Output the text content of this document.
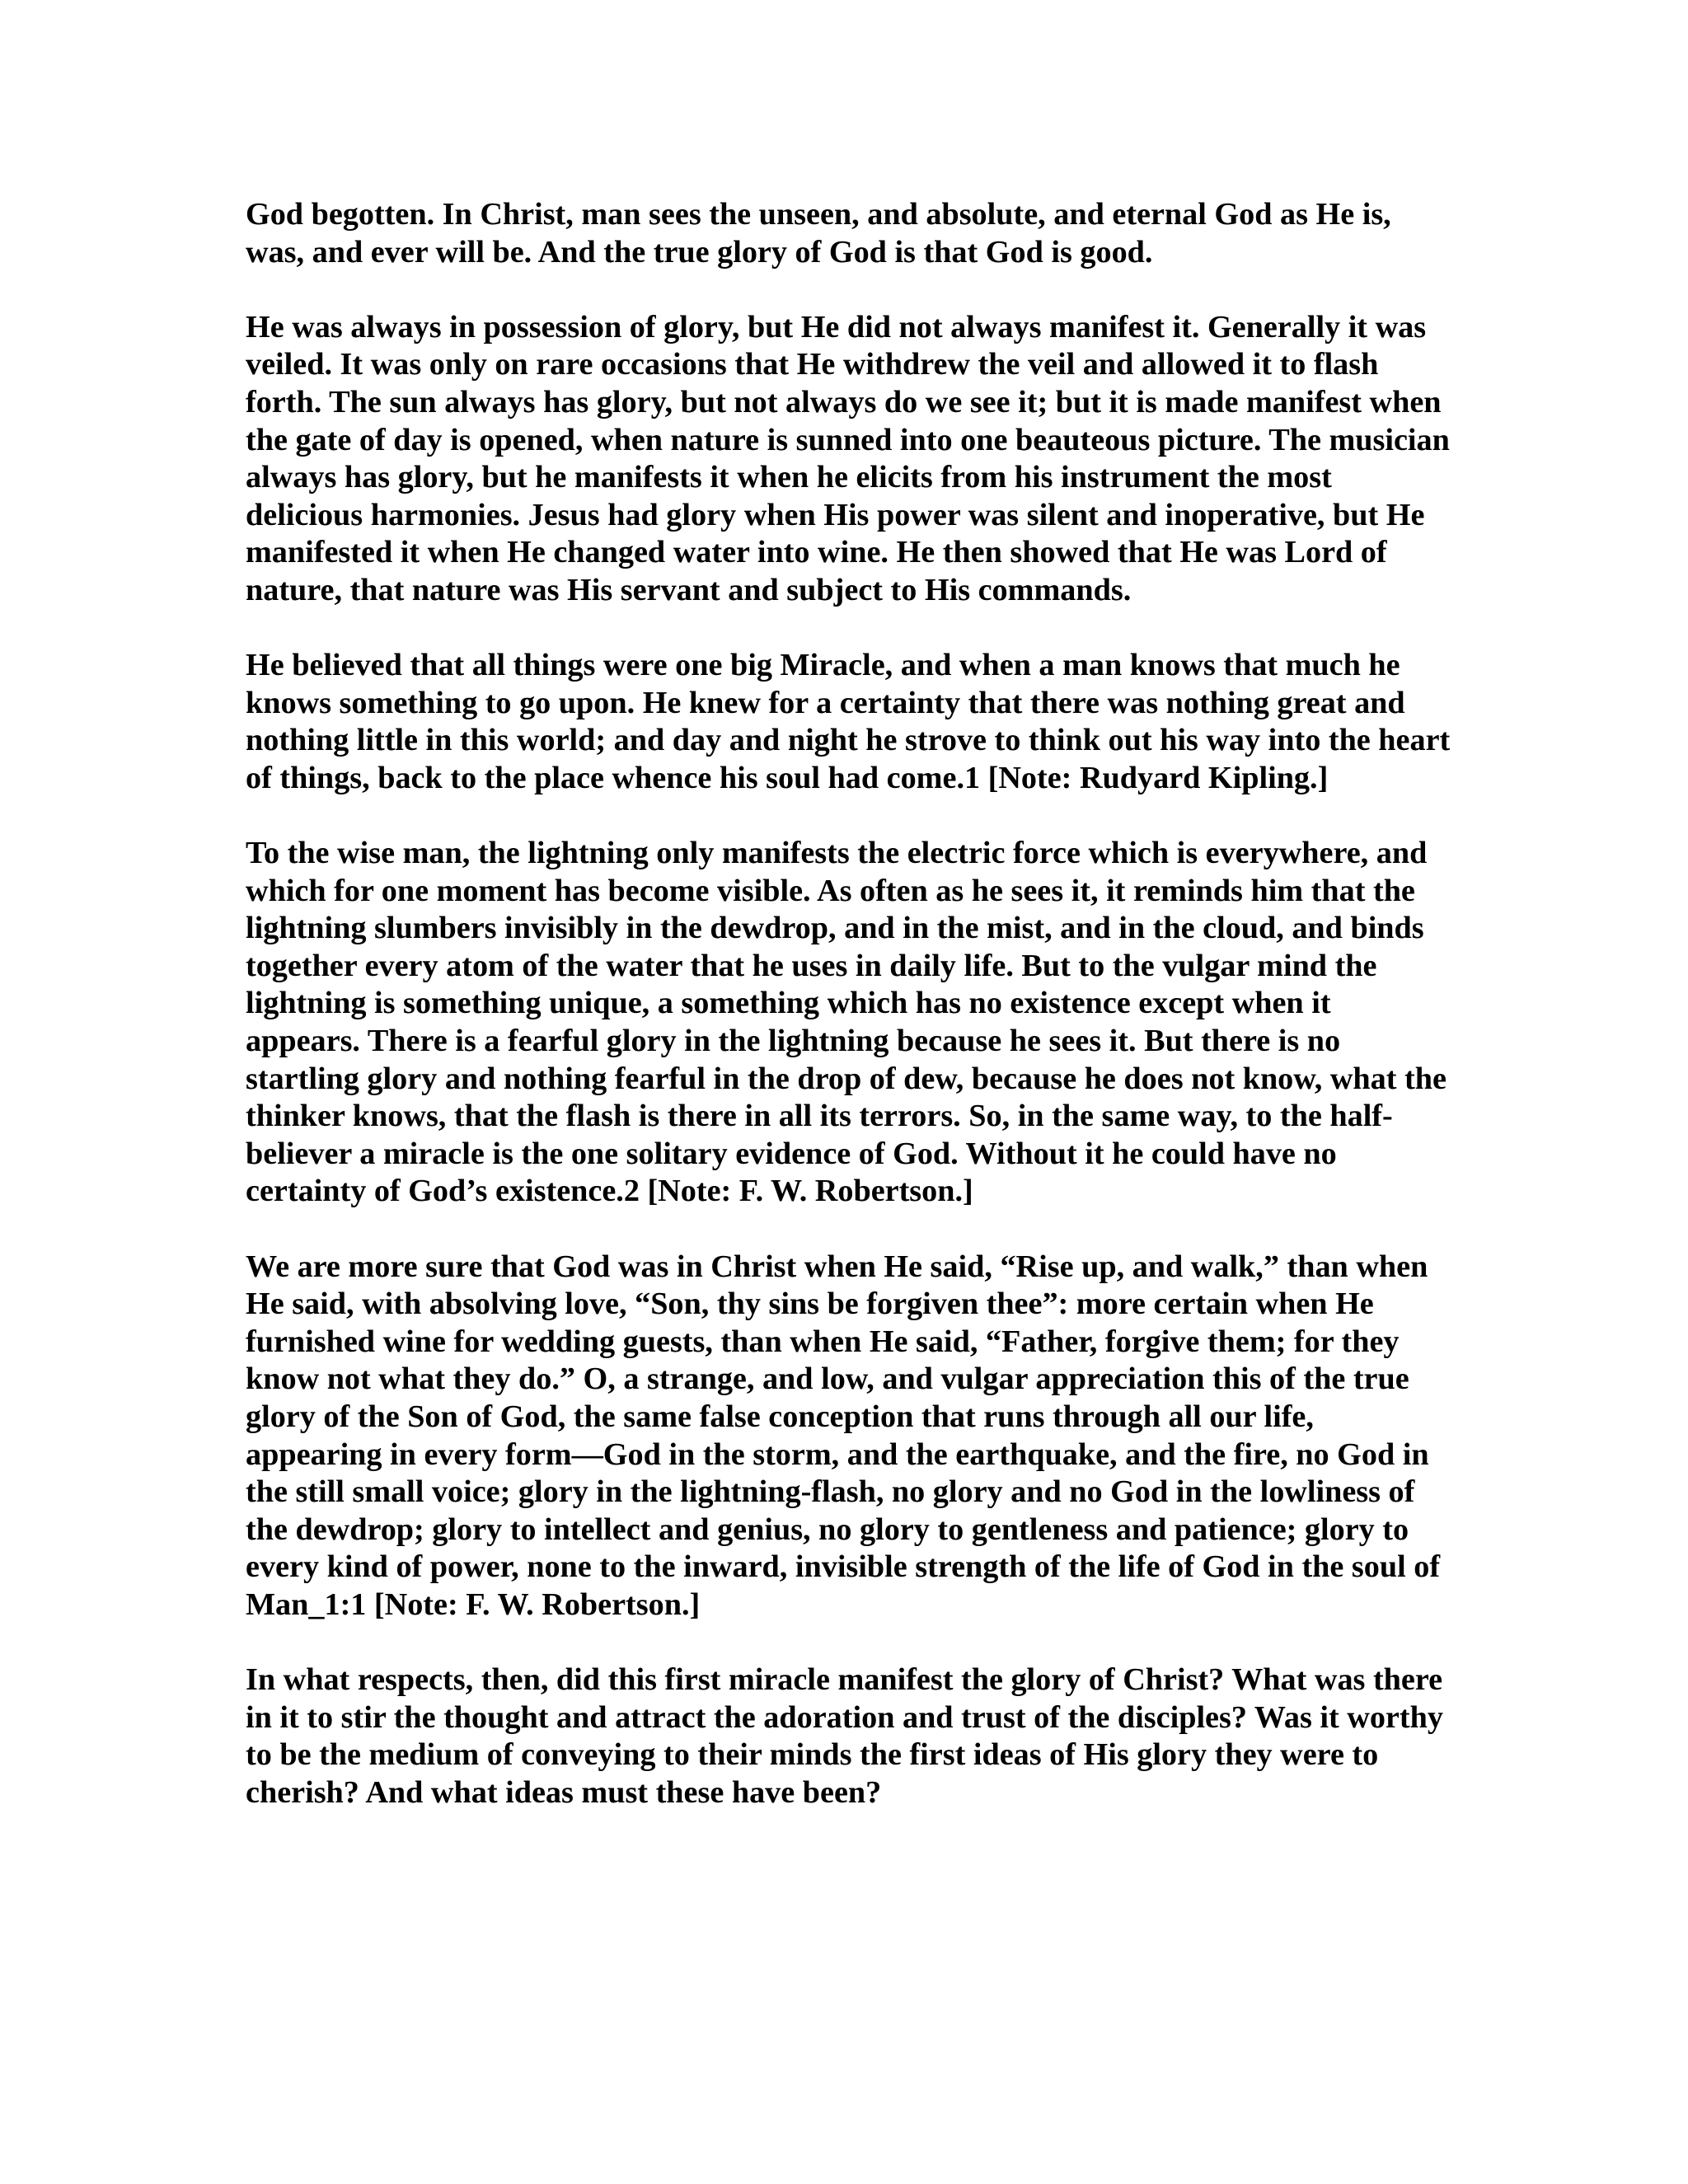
God begotten. In Christ, man sees the unseen, and absolute, and eternal God as He is, was, and ever will be. And the true glory of God is that God is good.

He was always in possession of glory, but He did not always manifest it. Generally it was veiled. It was only on rare occasions that He withdrew the veil and allowed it to flash forth. The sun always has glory, but not always do we see it; but it is made manifest when the gate of day is opened, when nature is sunned into one beauteous picture. The musician always has glory, but he manifests it when he elicits from his instrument the most delicious harmonies. Jesus had glory when His power was silent and inoperative, but He manifested it when He changed water into wine. He then showed that He was Lord of nature, that nature was His servant and subject to His commands.

He believed that all things were one big Miracle, and when a man knows that much he knows something to go upon. He knew for a certainty that there was nothing great and nothing little in this world; and day and night he strove to think out his way into the heart of things, back to the place whence his soul had come.1 [Note: Rudyard Kipling.]

To the wise man, the lightning only manifests the electric force which is everywhere, and which for one moment has become visible. As often as he sees it, it reminds him that the lightning slumbers invisibly in the dewdrop, and in the mist, and in the cloud, and binds together every atom of the water that he uses in daily life. But to the vulgar mind the lightning is something unique, a something which has no existence except when it appears. There is a fearful glory in the lightning because he sees it. But there is no startling glory and nothing fearful in the drop of dew, because he does not know, what the thinker knows, that the flash is there in all its terrors. So, in the same way, to the half-believer a miracle is the one solitary evidence of God. Without it he could have no certainty of God’s existence.2 [Note: F. W. Robertson.]

We are more sure that God was in Christ when He said, “Rise up, and walk,” than when He said, with absolving love, “Son, thy sins be forgiven thee”: more certain when He furnished wine for wedding guests, than when He said, “Father, forgive them; for they know not what they do.” O, a strange, and low, and vulgar appreciation this of the true glory of the Son of God, the same false conception that runs through all our life, appearing in every form—God in the storm, and the earthquake, and the fire, no God in the still small voice; glory in the lightning-flash, no glory and no God in the lowliness of the dewdrop; glory to intellect and genius, no glory to gentleness and patience; glory to every kind of power, none to the inward, invisible strength of the life of God in the soul of Man_1:1 [Note: F. W. Robertson.]

In what respects, then, did this first miracle manifest the glory of Christ? What was there in it to stir the thought and attract the adoration and trust of the disciples? Was it worthy to be the medium of conveying to their minds the first ideas of His glory they were to cherish? And what ideas must these have been?
